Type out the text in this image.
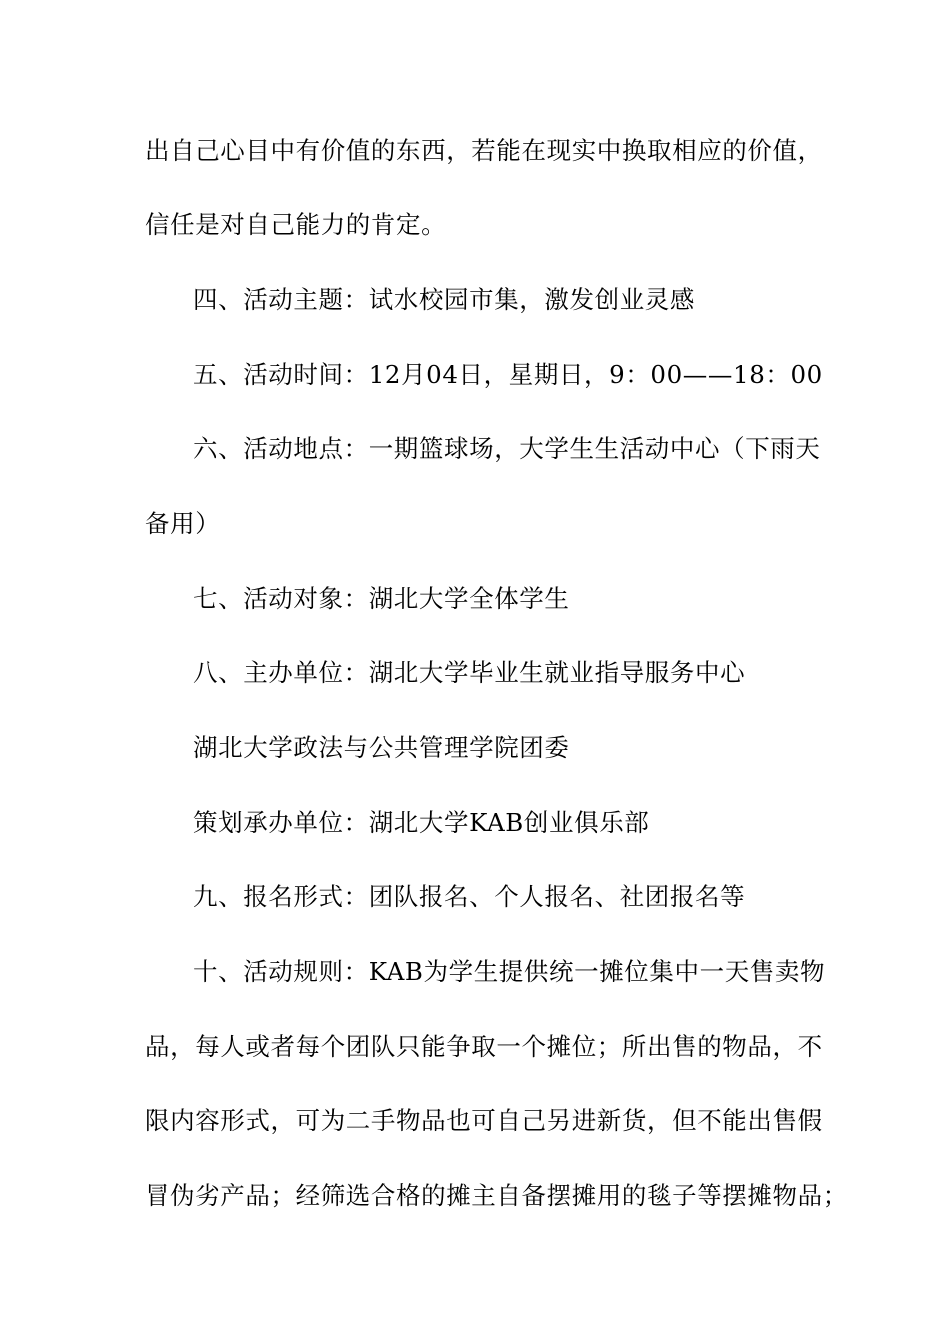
出自己心目中有价值的东西，若能在现实中换取相应的价值，
信任是对自己能力的肯定。
四、活动主题：试水校园市集，激发创业灵感
五、活动时间：12月04日，星期日，9：00——18：00
六、活动地点：一期篮球场，大学生生活动中心（下雨天
备用）
七、活动对象：湖北大学全体学生
八、主办单位：湖北大学毕业生就业指导服务中心
湖北大学政法与公共管理学院团委
策划承办单位：湖北大学KAB创业俱乐部
九、报名形式：团队报名、个人报名、社团报名等
十、活动规则：KAB为学生提供统一摊位集中一天售卖物
品，每人或者每个团队只能争取一个摊位；所出售的物品，不
限内容形式，可为二手物品也可自己另进新货，但不能出售假
冒伪劣产品；经筛选合格的摊主自备摆摊用的毯子等摆摊物品；
